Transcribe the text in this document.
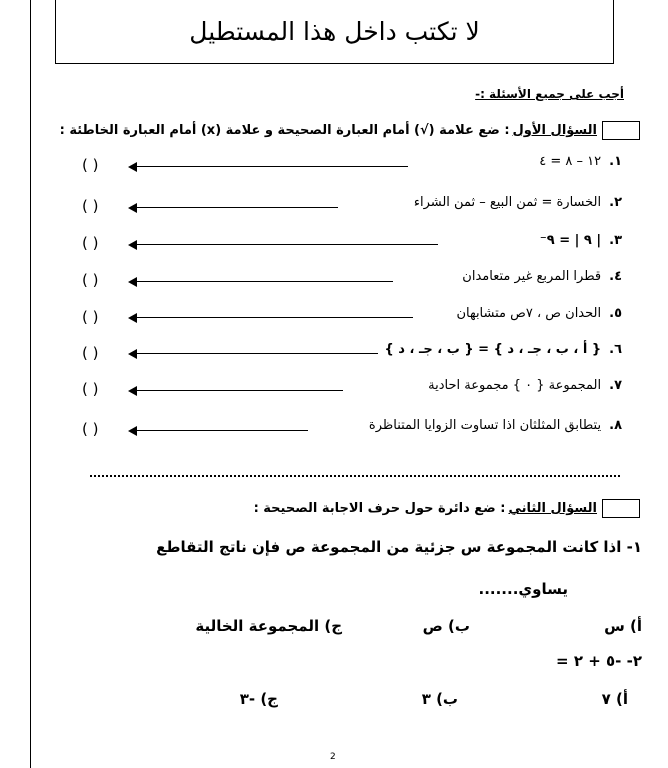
لا تكتب داخل هذا المستطيل
أجب على جميع الأسئلة :-
السؤال الأول
: ضع علامة (√) أمام العبارة الصحيحة و علامة (x) أمام العبارة الخاطئة :
١.
١٢ – ٨ = ٤
( )
٢.
الخسارة = ثمن البيع – ثمن الشراء
( )
٣.
| ٩ | = ٩⁻
( )
٤.
قطرا المربع غير متعامدان
( )
٥.
الحدان ص ، ٧ص متشابهان
( )
٦.
{ أ ، ب ، جـ ، د } = { ب ، جـ ، د }
( )
٧.
المجموعة { ٠ } مجموعة احادية
( )
٨.
يتطابق المثلثان اذا تساوت الزوايا المتناظرة
( )
السؤال الثاني
: ضع دائرة حول حرف الاجابة الصحيحة :
١- اذا كانت المجموعة س جزئية من المجموعة ص فإن ناتج التقاطع
يساوي.......
أ) س
ب) ص
ج) المجموعة الخالية
٢- -٥ + ٢ =
أ) ٧
ب) ٣
ج) -٣
2
